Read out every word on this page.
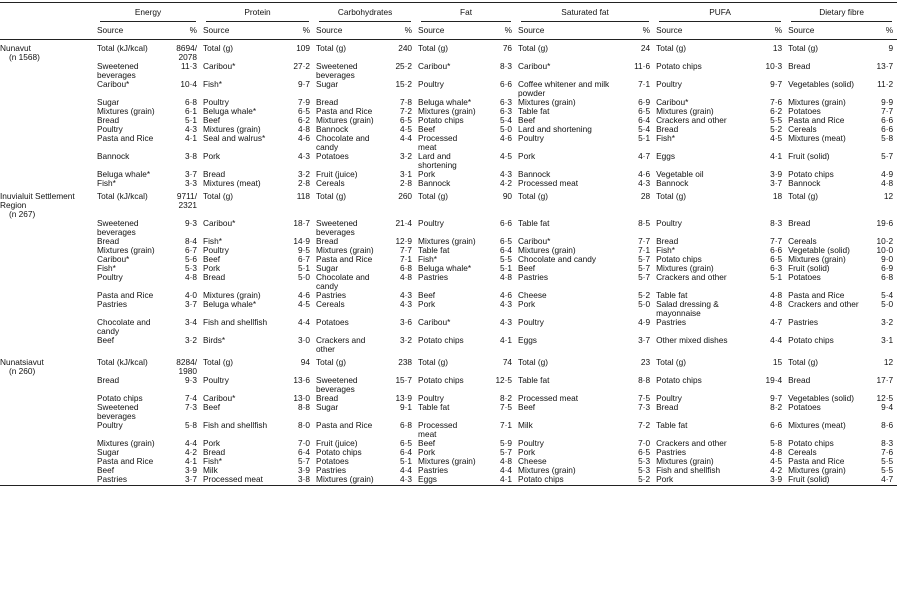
	Energy		Protein		Carbohydrates		Fat		Saturated fat		PUFA		Dietary fibre	

	Source	%	Source	%	Source	%	Source	%	Source	%	Source	%	Source	%
Nunavut
(n 1568)	Total (kJ/kcal)	8694/
2078	Total (g)	109	Total (g)	240	Total (g)	76	Total (g)	24	Total (g)	13	Total (g)	9
	Sweetened
beverages	11·3	Caribou*	27·2	Sweetened
beverages	25·2	Caribou*	8·3	Caribou*	11·6	Potato chips	10·3	Bread	13·7
	Caribou*	10·4	Fish*	9·7	Sugar	15·2	Poultry	6·6	Coffee whitener and milk
powder	7·1	Poultry	9·7	Vegetables (solid)	11·2
	Sugar	6·8	Poultry	7·9	Bread	7·8	Beluga whale*	6·3	Mixtures (grain)	6·9	Caribou*	7·6	Mixtures (grain)	9·9
	Mixtures (grain)	6·1	Beluga whale*	6·5	Pasta and Rice	7·2	Mixtures (grain)	6·3	Table fat	6·5	Mixtures (grain)	6·2	Potatoes	7·7
	Bread	5·1	Beef	6·2	Mixtures (grain)	6·5	Potato chips	5·4	Beef	6·4	Crackers and other	5·5	Pasta and Rice	6·6
	Poultry	4·3	Mixtures (grain)	4·8	Bannock	4·5	Beef	5·0	Lard and shortening	5·4	Bread	5·2	Cereals	6·6
	Pasta and Rice	4·1	Seal and walrus*	4·6	Chocolate and
candy	4·4	Processed
meat	4·6	Poultry	5·1	Fish*	4·5	Mixtures (meat)	5·8
	Bannock	3·8	Pork	4·3	Potatoes	3·2	Lard and
shortening	4·5	Pork	4·7	Eggs	4·1	Fruit (solid)	5·7
	Beluga whale*	3·7	Bread	3·2	Fruit (juice)	3·1	Pork	4·3	Bannock	4·6	Vegetable oil	3·9	Potato chips	4·9
	Fish*	3·3	Mixtures (meat)	2·8	Cereals	2·8	Bannock	4·2	Processed meat	4·3	Bannock	3·7	Bannock	4·8
Inuvialuit Settlement
Region
(n 267)	Total (kJ/kcal)	9711/
2321	Total (g)	118	Total (g)	260	Total (g)	90	Total (g)	28	Total (g)	18	Total (g)	12
	Sweetened
beverages	9·3	Caribou*	18·7	Sweetened
beverages	21·4	Poultry	6·6	Table fat	8·5	Poultry	8·3	Bread	19·6
	Bread	8·4	Fish*	14·9	Bread	12·9	Mixtures (grain)	6·5	Caribou*	7·7	Bread	7·7	Cereals	10·2
	Mixtures (grain)	6·7	Poultry	9·5	Mixtures (grain)	7·7	Table fat	6·4	Mixtures (grain)	7·1	Fish*	6·6	Vegetable (solid)	10·0
	Caribou*	5·6	Beef	6·7	Pasta and Rice	7·1	Fish*	5·5	Chocolate and candy	5·7	Potato chips	6·5	Mixtures (grain)	9·0
	Fish*	5·3	Pork	5·1	Sugar	6·8	Beluga whale*	5·1	Beef	5·7	Mixtures (grain)	6·3	Fruit (solid)	6·9
	Poultry	4·8	Bread	5·0	Chocolate and
candy	4·8	Pastries	4·8	Pastries	5·7	Crackers and other	5·1	Potatoes	6·8
	Pasta and Rice	4·0	Mixtures (grain)	4·6	Pastries	4·3	Beef	4·6	Cheese	5·2	Table fat	4·8	Pasta and Rice	5·4
	Pastries	3·7	Beluga whale*	4·5	Cereals	4·3	Pork	4·3	Pork	5·0	Salad dressing &
mayonnaise	4·8	Crackers and other	5·0
	Chocolate and
candy	3·4	Fish and shellfish	4·4	Potatoes	3·6	Caribou*	4·3	Poultry	4·9	Pastries	4·7	Pastries	3·2
	Beef	3·2	Birds*	3·0	Crackers and
other	3·2	Potato chips	4·1	Eggs	3·7	Other mixed dishes	4·4	Potato chips	3·1
Nunatsiavut
(n 260)	Total (kJ/kcal)	8284/
1980	Total (g)	94	Total (g)	238	Total (g)	74	Total (g)	23	Total (g)	15	Total (g)	12
	Bread	9·3	Poultry	13·6	Sweetened
beverages	15·7	Potato chips	12·5	Table fat	8·8	Potato chips	19·4	Bread	17·7
	Potato chips	7·4	Caribou*	13·0	Bread	13·9	Poultry	8·2	Processed meat	7·5	Poultry	9·7	Vegetables (solid)	12·5
	Sweetened
beverages	7·3	Beef	8·8	Sugar	9·1	Table fat	7·5	Beef	7·3	Bread	8·2	Potatoes	9·4
	Poultry	5·8	Fish and shellfish	8·0	Pasta and Rice	6·8	Processed
meat	7·1	Milk	7·2	Table fat	6·6	Mixtures (meat)	8·6
	Mixtures (grain)	4·4	Pork	7·0	Fruit (juice)	6·5	Beef	5·9	Poultry	7·0	Crackers and other	5·8	Potato chips	8·3
	Sugar	4·2	Bread	6·4	Potato chips	6·4	Pork	5·7	Pork	6·5	Pastries	4·8	Cereals	7·6
	Pasta and Rice	4·1	Fish*	5·7	Potatoes	5·1	Mixtures (grain)	4·8	Cheese	5·3	Mixtures (grain)	4·5	Pasta and Rice	5·5
	Beef	3·9	Milk	3·9	Pastries	4·4	Pastries	4·4	Mixtures (grain)	5·3	Fish and shellfish	4·2	Mixtures (grain)	5·5
	Pastries	3·7	Processed meat	3·8	Mixtures (grain)	4·3	Eggs	4·1	Potato chips	5·2	Pork	3·9	Fruit (solid)	4·7
